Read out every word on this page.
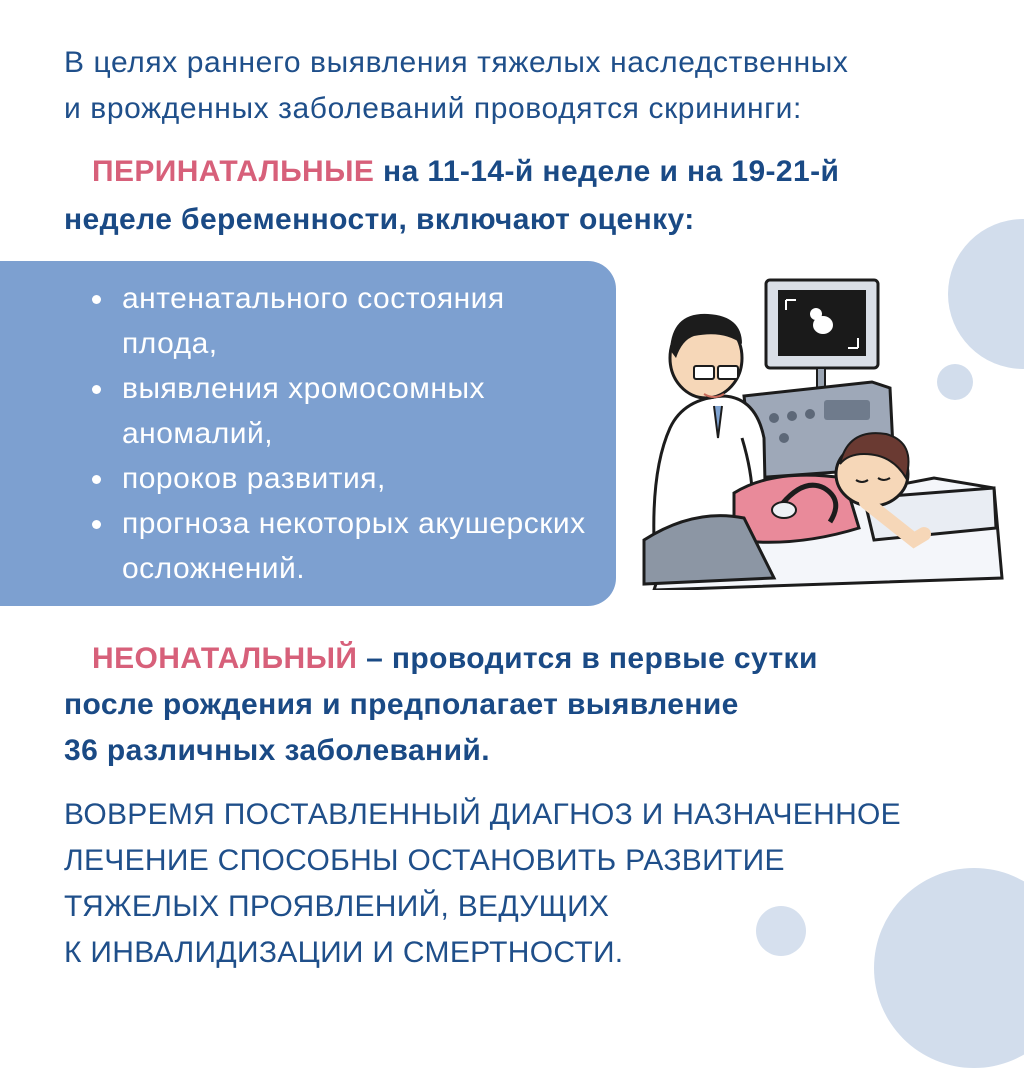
В целях раннего выявления тяжелых наследственных
и врожденных заболеваний проводятся скрининги:
ПЕРИНАТАЛЬНЫЕ на 11-14-й неделе и на 19-21-й
неделе беременности, включают оценку:
антенатального состояния плода,
выявления хромосомных аномалий,
пороков развития,
прогноза некоторых акушерских осложнений.
НЕОНАТАЛЬНЫЙ – проводится в первые сутки
после рождения и предполагает выявление
36 различных заболеваний.
ВОВРЕМЯ ПОСТАВЛЕННЫЙ ДИАГНОЗ И НАЗНАЧЕННОЕ
ЛЕЧЕНИЕ СПОСОБНЫ ОСТАНОВИТЬ РАЗВИТИЕ
ТЯЖЕЛЫХ ПРОЯВЛЕНИЙ, ВЕДУЩИХ
К ИНВАЛИДИЗАЦИИ И СМЕРТНОСТИ.
